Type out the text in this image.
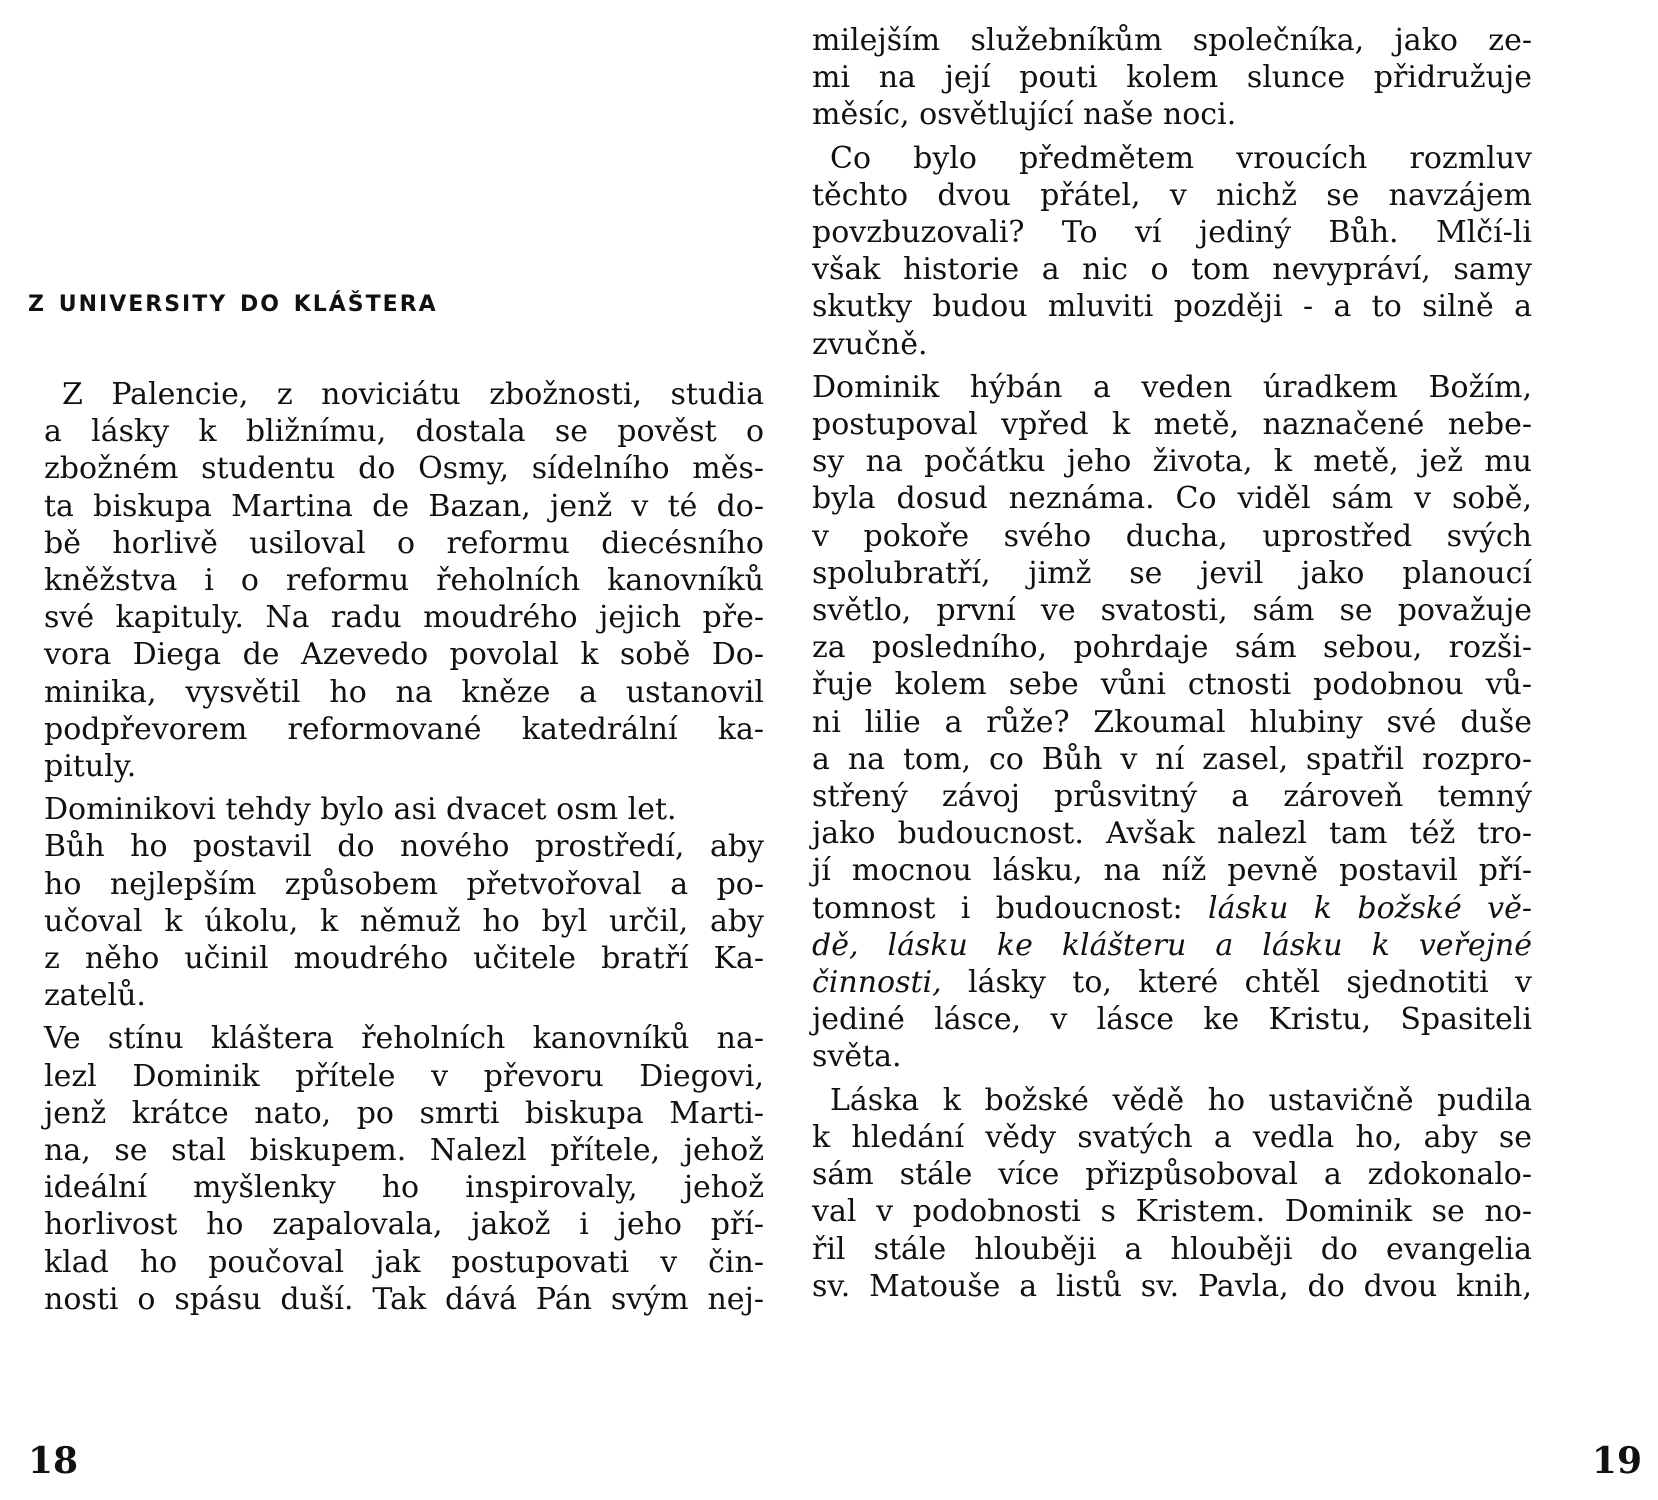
z university do kláštera
Z Palencie, z noviciátu zbožnosti, studia
a lásky k bližnímu, dostala se pověst o
zbožném studentu do Osmy, sídelního měs-
ta biskupa Martina de Bazan, jenž v té do-
bě horlivě usiloval o reformu diecésního
kněžstva i o reformu řeholních kanovníků
své kapituly. Na radu moudrého jejich pře-
vora Diega de Azevedo povolal k sobě Do-
minika, vysvětil ho na kněze a ustanovil
podpřevorem reformované katedrální ka-
pituly.
Dominikovi tehdy bylo asi dvacet osm let.
Bůh ho postavil do nového prostředí, aby
ho nejlepším způsobem přetvořoval a po-
učoval k úkolu, k němuž ho byl určil, aby
z něho učinil moudrého učitele bratří Ka-
zatelů.
Ve stínu kláštera řeholních kanovníků na-
lezl Dominik přítele v převoru Diegovi,
jenž krátce nato, po smrti biskupa Marti-
na, se stal biskupem. Nalezl přítele, jehož
ideální myšlenky ho inspirovaly, jehož
horlivost ho zapalovala, jakož i jeho pří-
klad ho poučoval jak postupovati v čin-
nosti o spásu duší. Tak dává Pán svým nej-
18
milejším služebníkům společníka, jako ze-
mi na její pouti kolem slunce přidružuje
měsíc, osvětlující naše noci.
Co bylo předmětem vroucích rozmluv
těchto dvou přátel, v nichž se navzájem
povzbuzovali? To ví jediný Bůh. Mlčí-li
však historie a nic o tom nevypráví, samy
skutky budou mluviti později - a to silně a
zvučně.
Dominik hýbán a veden úradkem Božím,
postupoval vpřed k metě, naznačené nebe-
sy na počátku jeho života, k metě, jež mu
byla dosud neznáma. Co viděl sám v sobě,
v pokoře svého ducha, uprostřed svých
spolubratří, jimž se jevil jako planoucí
světlo, první ve svatosti, sám se považuje
za posledního, pohrdaje sám sebou, rozši-
řuje kolem sebe vůni ctnosti podobnou vů-
ni lilie a růže? Zkoumal hlubiny své duše
a na tom, co Bůh v ní zasel, spatřil rozpro-
střený závoj průsvitný a zároveň temný
jako budoucnost. Avšak nalezl tam též tro-
jí mocnou lásku, na níž pevně postavil pří-
tomnost i budoucnost: lásku k božské vě-
dě, lásku ke klášteru a lásku k veřejné
činnosti, lásky to, které chtěl sjednotiti v
jediné lásce, v lásce ke Kristu, Spasiteli
světa.
Láska k božské vědě ho ustavičně pudila
k hledání vědy svatých a vedla ho, aby se
sám stále více přizpůsoboval a zdokonalo-
val v podobnosti s Kristem. Dominik se no-
řil stále hlouběji a hlouběji do evangelia
sv. Matouše a listů sv. Pavla, do dvou knih,
19
